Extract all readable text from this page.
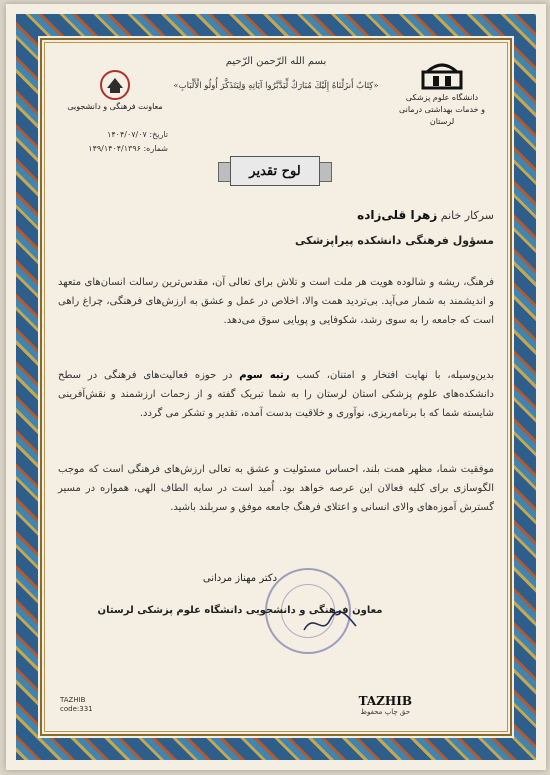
بسم الله الرّحمن الرّحيم
«كِتَابٌ أَنزَلْنَاهُ إِلَيْكَ مُبَارَكٌ لِّيَدَّبَّرُوا آيَاتِهِ وَلِيَتَذَكَّرَ أُولُو الْأَلْبَابِ»
دانشگاه علوم پزشکی
و خدمات بهداشتی درمانی لرستان
معاونت فرهنگی و دانشجویی
تاریخ: ۱۴۰۴/۰۷/۰۷
شماره: ۱۴۹/۱۴۰۴/۱۳۹۶
لوح تقدیر
سرکار خانم زهرا قلی‌زاده
مسؤول فرهنگی دانشکده پیراپزشکی
فرهنگ، ریشه و شالوده هویت هر ملت است و تلاش برای تعالی آن، مقدس‌ترین رسالت انسان‌های متعهد و اندیشمند به شمار می‌آید. بی‌تردید همت والا، اخلاص در عمل و عشق به ارزش‌های فرهنگی، چراغ راهی است که جامعه را به سوی رشد، شکوفایی و پویایی سوق می‌دهد.
بدین‌وسیله، با نهایت افتخار و امتنان، کسب رتبه سوم در حوزه فعالیت‌های فرهنگی در سطح دانشکده‌های علوم پزشکی استان لرستان را به شما تبریک گفته و از زحمات ارزشمند و نقش‌آفرینی شایسته شما که با برنامه‌ریزی، نوآوری و خلاقیت بدست آمده، تقدیر و تشکر می گردد.
موفقیت شما، مظهر همت بلند، احساس مسئولیت و عشق به تعالی ارزش‌های فرهنگی است که موجب الگوسازی برای کلیه فعالان این عرصه خواهد بود. اُمید است در سایه الطاف الهی، همواره در مسیر گسترش آموزه‌های والای انسانی و اعتلای فرهنگ جامعه موفق و سربلند باشید.
دکتر مهناز مردانی
معاون فرهنگی و دانشجویی دانشگاه علوم پزشکی لرستان
TAZHIB
code:331
TAZHIB
حق چاپ محفوظ
